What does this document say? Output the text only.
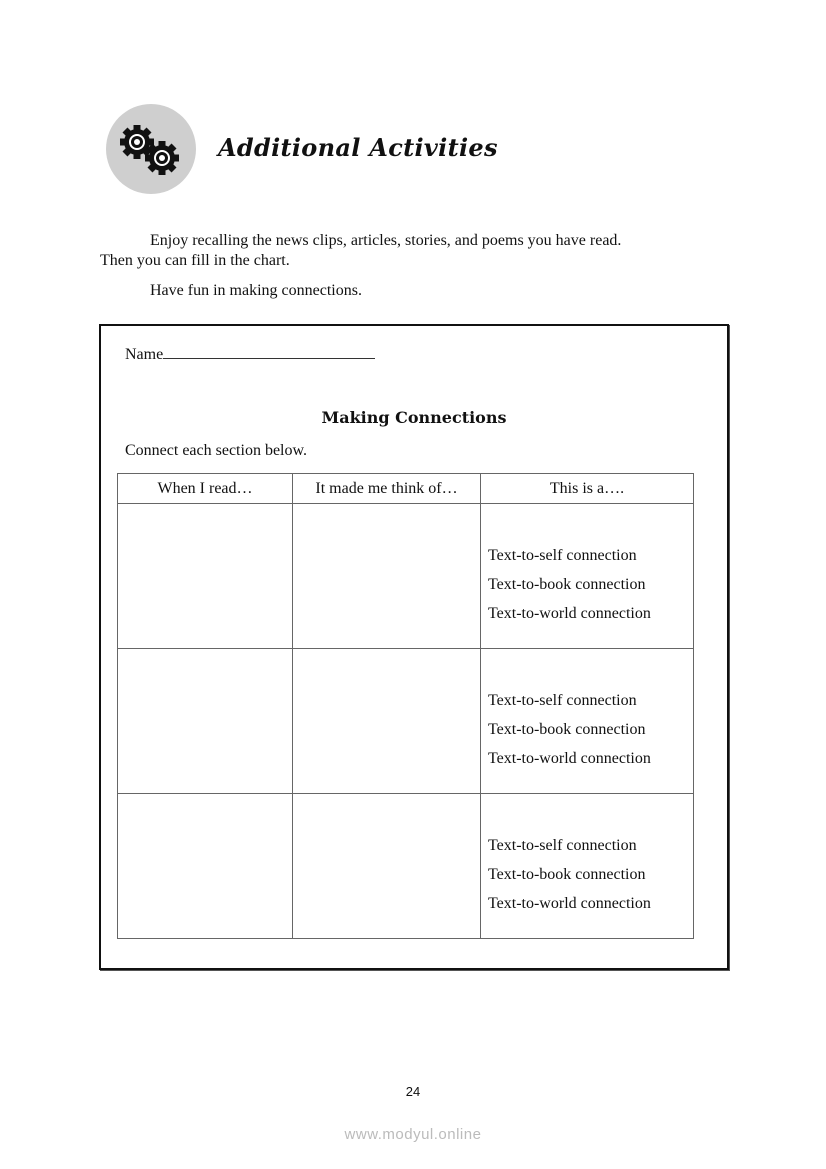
Additional Activities
Enjoy recalling the news clips, articles, stories, and poems you have read.
Then you can fill in the chart.
Have fun in making connections.
Name
Making Connections
Connect each section below.
When I read…	It made me think of…	This is a….

		Text-to-self connection
Text-to-book connection
Text-to-world connection

		Text-to-self connection
Text-to-book connection
Text-to-world connection

		Text-to-self connection
Text-to-book connection
Text-to-world connection
24
www.modyul.online
